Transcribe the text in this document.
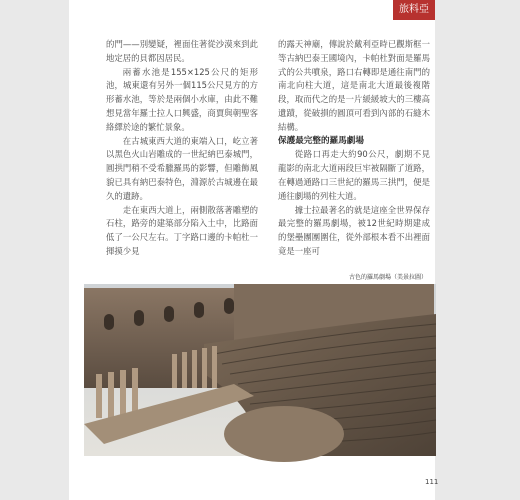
旅料亞

的門——別變疑，裡面住著從沙漠來到此地定居的貝都因居民。

兩蓄水池是155×125公尺的矩形池，城東還有另外一個115公尺見方的方形蓄水池，等於是兩個小水庫，由此不難想見當年羅士拉人口興盛，商賈與朝聖客絡繹於途的繁忙景象。

在古城東西大道的東端入口，屹立著以黑色火山岩雕成的一世紀納巴泰城門，圓拱門稍不受希臘羅馬的影響，但雕飾風貌已具有納巴泰特色，淵源於古城邊在最久的遺跡。

走在東西大道上，兩側散落著雕塑的石柱，路旁的建築部分陷入土中，比路面低了一公尺左右。丁字路口邊的卡帕杜一揮摸少見

的露天神廟，傳說於戴利亞時已觀斯框一等古納巴泰王國境內，卡帕杜對面是羅馬式的公共噴泉，路口右轉即是通往南門的南北向柱大道，這是南北大道最後複階段，取而代之的是一片緩緩坡大的三樓高遺蹟，從破損的圓頂可看到內部的石縫木結構。

保護最完整的羅馬劇場

從路口再走大約90公尺，劇期不見龍影的南北大道兩段巨牢被隔斷了道路，在轉過通路口三世紀的羅馬三拱門，便是通往劇場的列柱大道。

據士拉最著名的就是這座全世界保存最完整的羅馬劇場，被12世紀時期建成的堡壘團團圍住，從外部根本看不出裡面竟是一座可

古色的羅馬劇場（美景拉圖）
111
